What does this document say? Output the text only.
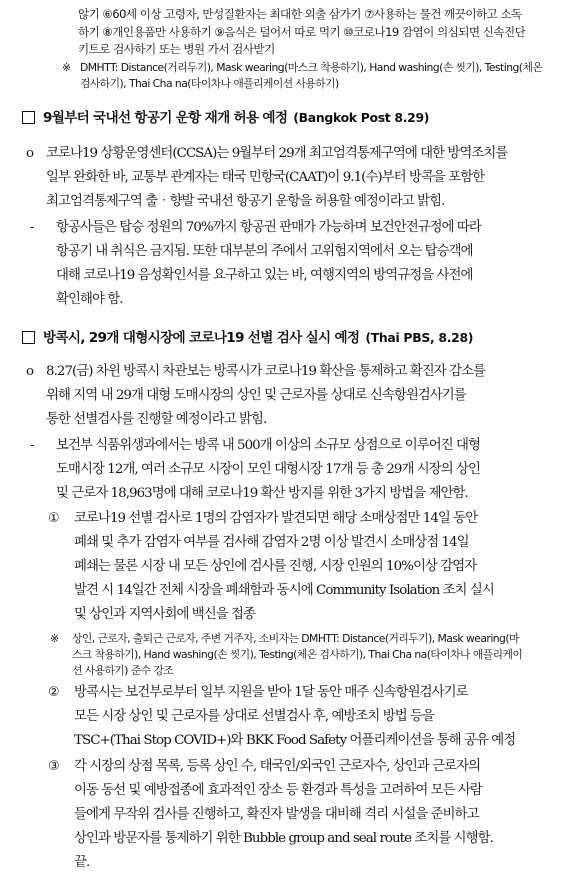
않기 ⑥60세 이상 고령자, 만성질환자는 최대한 외출 삼가기 ⑦사용하는 물건 깨끗이하고 소독
하기 ⑧개인용품만 사용하기 ⑨음식은 덜어서 따로 먹기 ⑩코로나19 감염이 의심되면 신속진단
키트로 검사하기 또는 병원 가서 검사받기
※ DMHTT: Distance(거리두기), Mask wearing(마스크 착용하기), Hand washing(손 씻기), Testing(체온
검사하기), Thai Cha na(타이차나 애플리케이션 사용하기)
9월부터 국내선 항공기 운항 재개 허용 예정 (Bangkok Post 8.29)
o 코로나19 상황운영센터(CCSA)는 9월부터 29개 최고엄격통제구역에 대한 방역조치를
일부 완화한 바, 교통부 관계자는 태국 민항국(CAAT)이 9.1(수)부터 방콕을 포함한
최고엄격통제구역 출‧향발 국내선 항공기 운항을 허용할 예정이라고 밝힘.
- 항공사들은 탑승 정원의 70%까지 항공권 판매가 가능하며 보건안전규정에 따라
항공기 내 취식은 금지됨. 또한 대부분의 주에서 고위험지역에서 오는 탑승객에
대해 코로나19 음성확인서를 요구하고 있는 바, 여행지역의 방역규정을 사전에
확인해야 함.
방콕시, 29개 대형시장에 코로나19 선별 검사 실시 예정 (Thai PBS, 8.28)
o 8.27(금) 차윈 방콕시 차관보는 방콕시가 코로나19 확산을 통제하고 확진자 감소를
위해 지역 내 29개 대형 도매시장의 상인 및 근로자를 상대로 신속항원검사기를
통한 선별검사를 진행할 예정이라고 밝힘.
- 보건부 식품위생과에서는 방콕 내 500개 이상의 소규모 상점으로 이루어진 대형
도매시장 12개, 여러 소규모 시장이 모인 대형시장 17개 등 총 29개 시장의 상인
및 근로자 18,963명에 대해 코로나19 확산 방지를 위한 3가지 방법을 제안함.
① 코로나19 선별 검사로 1명의 감염자가 발견되면 해당 소매상점만 14일 동안
폐쇄 및 추가 감염자 여부를 검사해 감염자 2명 이상 발견시 소매상점 14일
폐쇄는 물론 시장 내 모든 상인에 검사를 진행, 시장 인원의 10%이상 감염자
발견 시 14일간 전체 시장을 폐쇄함과 동시에 Community Isolation 조치 실시
및 상인과 지역사회에 백신을 접종
※ 상인, 근로자, 출퇴근 근로자, 주변 거주자, 소비자는 DMHTT: Distance(거리두기), Mask wearing(마
스크 착용하기), Hand washing(손 씻기), Testing(체온 검사하기), Thai Cha na(타이차나 애플리케이
션 사용하기) 준수 강조
② 방콕시는 보건부로부터 일부 지원을 받아 1달 동안 매주 신속항원검사기로
모든 시장 상인 및 근로자를 상대로 선별검사 후, 예방조치 방법 등을
TSC+(Thai Stop COVID+)와 BKK Food Safety 어플리케이션을 통해 공유 예정
③ 각 시장의 상점 목록, 등록 상인 수, 태국인/외국인 근로자수, 상인과 근로자의
이동 동선 및 예방접종에 효과적인 장소 등 환경과 특성을 고려하여 모든 사람
들에게 무작위 검사를 진행하고, 확진자 발생을 대비해 격리 시설을 준비하고
상인과 방문자를 통제하기 위한 Bubble group and seal route 조치를 시행함.
끝.
